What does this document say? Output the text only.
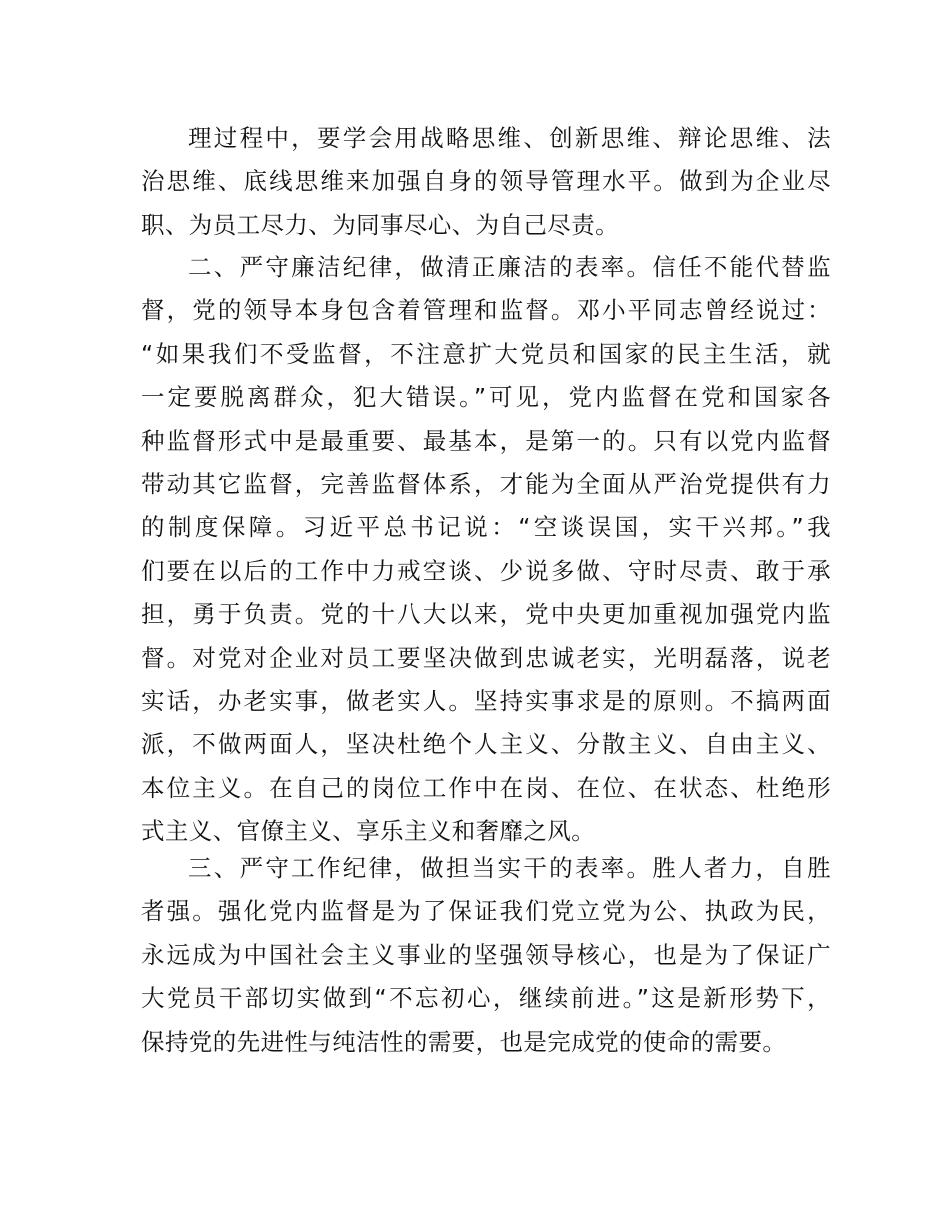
理过程中，要学会用战略思维、创新思维、辩论思维、法
治思维、底线思维来加强自身的领导管理水平。做到为企业尽
职、为员工尽力、为同事尽心、为自己尽责。
二、严守廉洁纪律，做清正廉洁的表率。信任不能代替监
督，党的领导本身包含着管理和监督。邓小平同志曾经说过：
“如果我们不受监督，不注意扩大党员和国家的民主生活，就
一定要脱离群众，犯大错误。”可见，党内监督在党和国家各
种监督形式中是最重要、最基本，是第一的。只有以党内监督
带动其它监督，完善监督体系，才能为全面从严治党提供有力
的制度保障。习近平总书记说：“空谈误国，实干兴邦。”我
们要在以后的工作中力戒空谈、少说多做、守时尽责、敢于承
担，勇于负责。党的十八大以来，党中央更加重视加强党内监
督。对党对企业对员工要坚决做到忠诚老实，光明磊落，说老
实话，办老实事，做老实人。坚持实事求是的原则。不搞两面
派，不做两面人，坚决杜绝个人主义、分散主义、自由主义、
本位主义。在自己的岗位工作中在岗、在位、在状态、杜绝形
式主义、官僚主义、享乐主义和奢靡之风。
三、严守工作纪律，做担当实干的表率。胜人者力，自胜
者强。强化党内监督是为了保证我们党立党为公、执政为民，
永远成为中国社会主义事业的坚强领导核心，也是为了保证广
大党员干部切实做到“不忘初心，继续前进。”这是新形势下，
保持党的先进性与纯洁性的需要，也是完成党的使命的需要。
